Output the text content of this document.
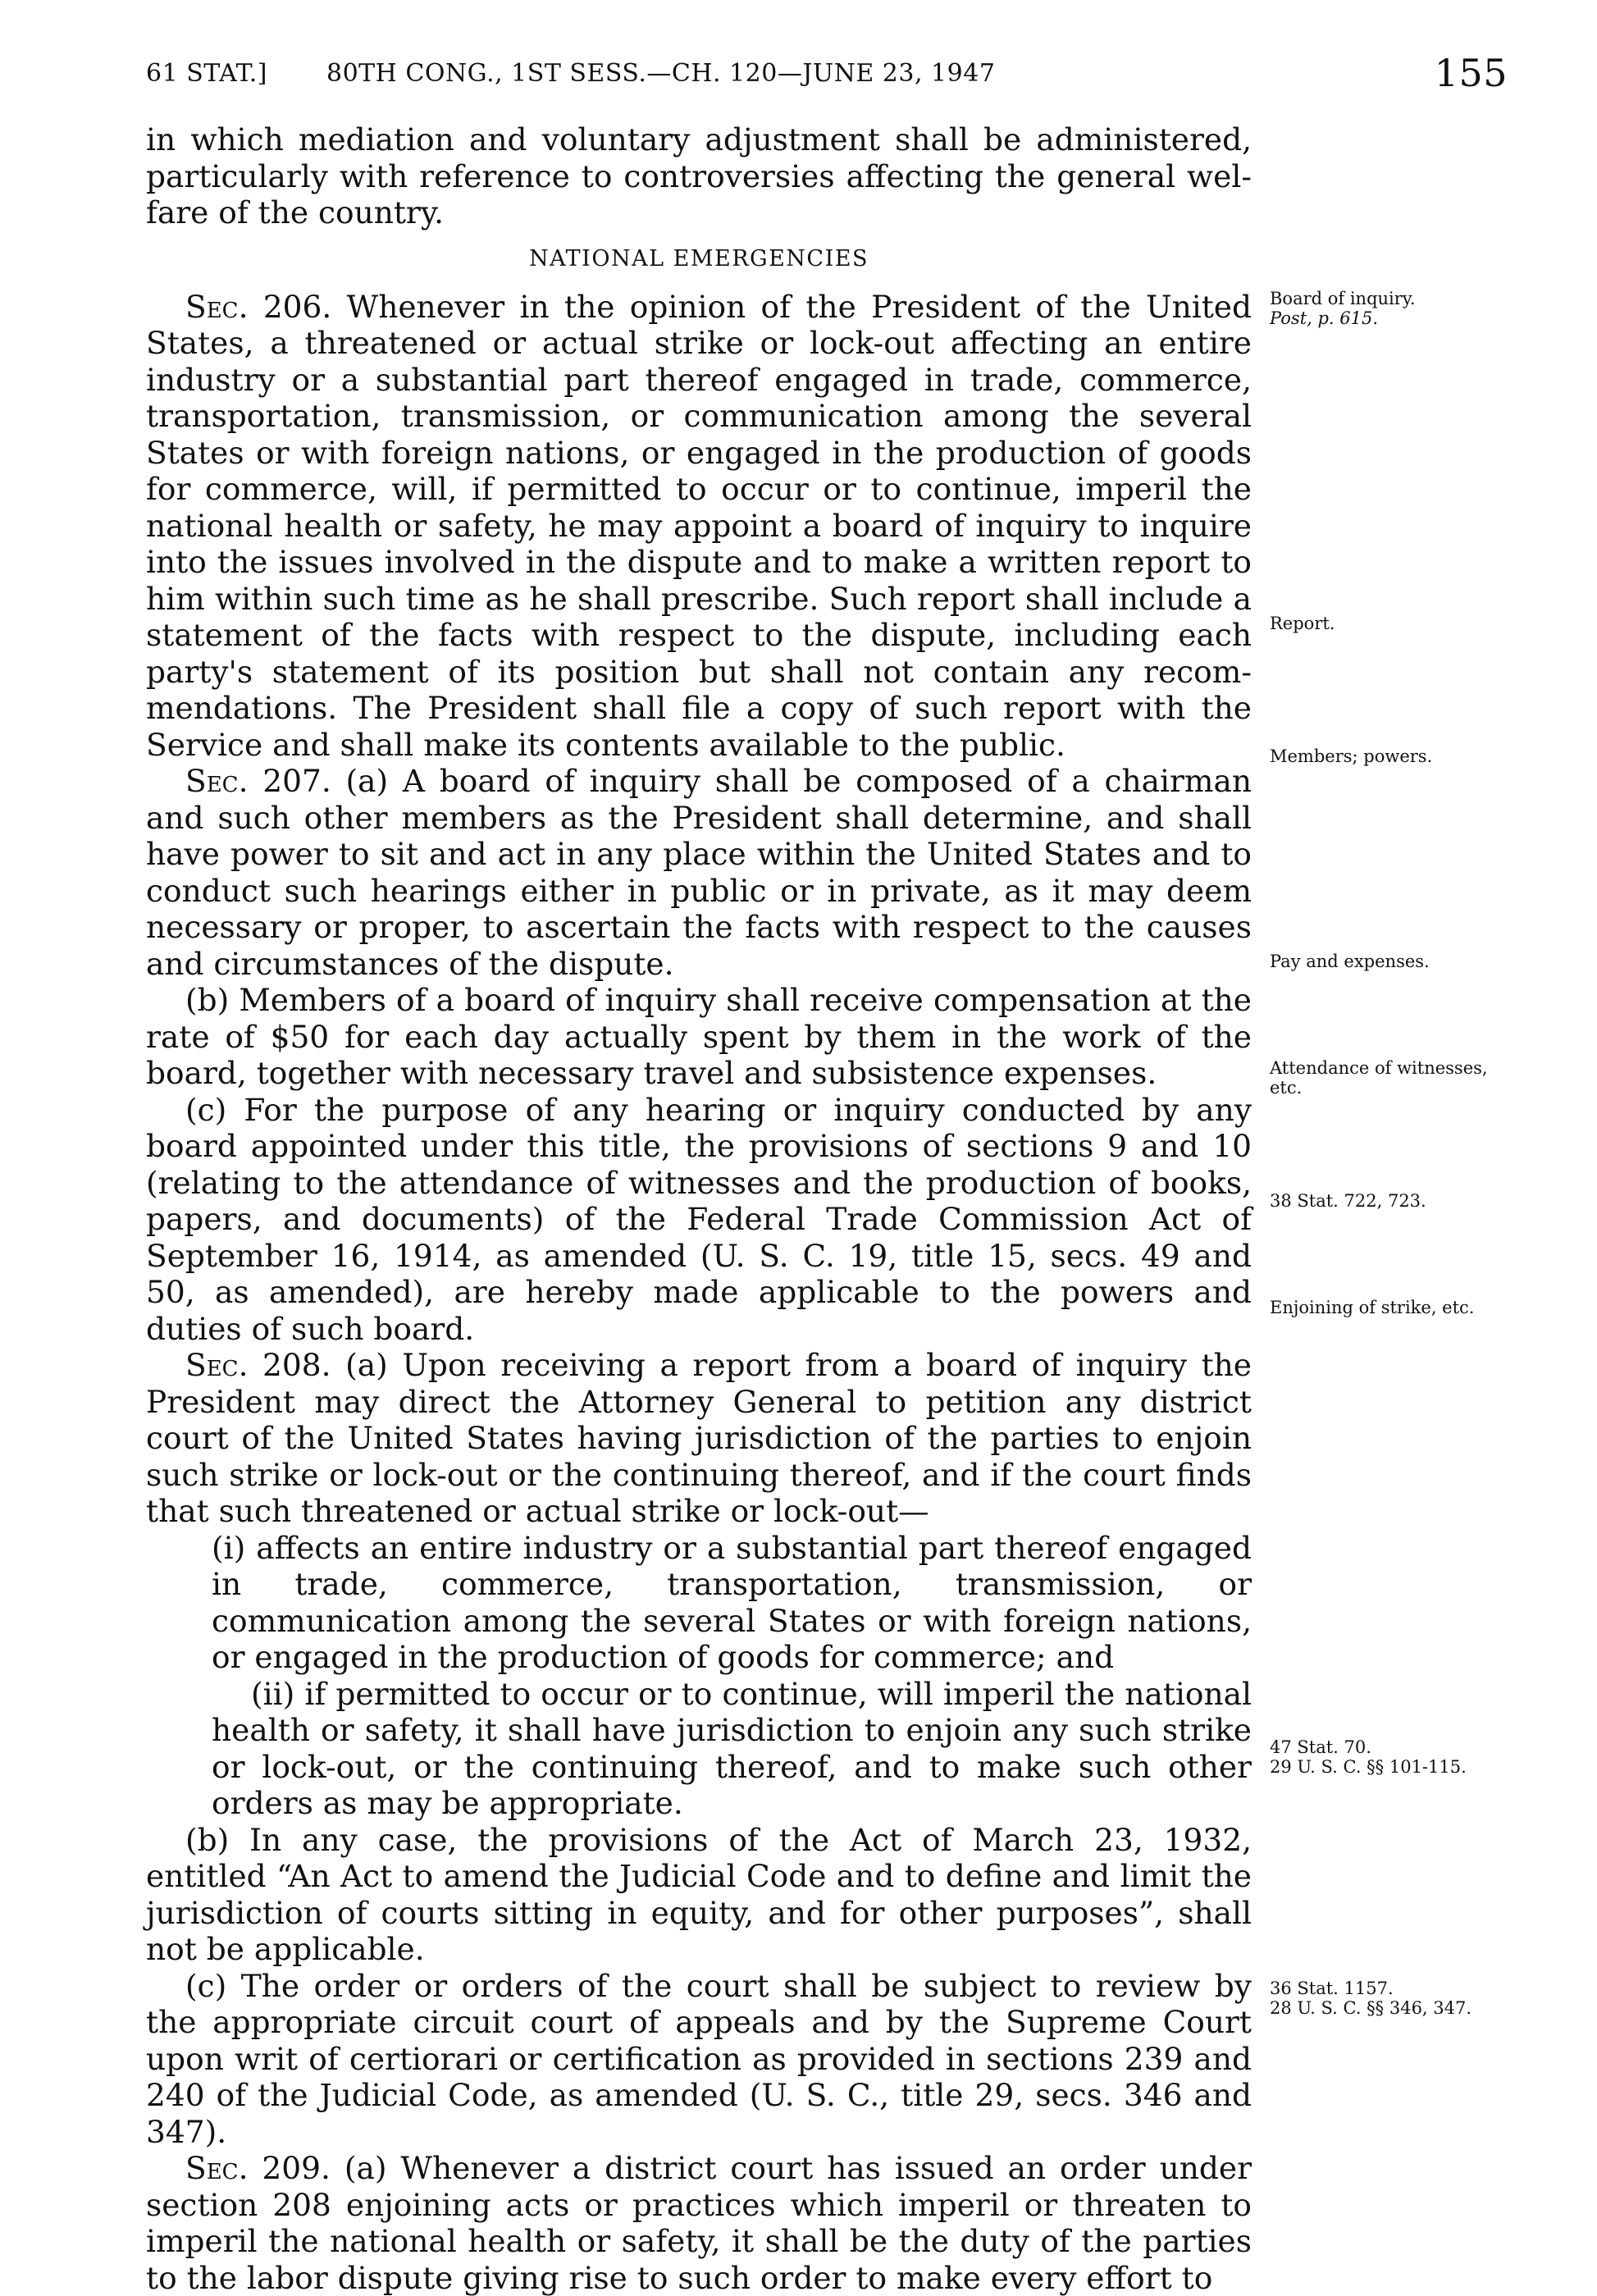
61 STAT.] 80TH CONG., 1ST SESS.—CH. 120—JUNE 23, 1947	155

in which mediation and voluntary adjustment shall be administered, particularly with reference to controversies affecting the general welfare of the country.

NATIONAL EMERGENCIES

Sec. 206. Whenever in the opinion of the President of the United States, a threatened or actual strike or lock-out affecting an entire industry or a substantial part thereof engaged in trade, commerce, transportation, transmission, or communication among the several States or with foreign nations, or engaged in the production of goods for commerce, will, if permitted to occur or to continue, imperil the national health or safety, he may appoint a board of inquiry to inquire into the issues involved in the dispute and to make a written report to him within such time as he shall prescribe. Such report shall include a statement of the facts with respect to the dispute, including each party's statement of its position but shall not contain any recommendations. The President shall file a copy of such report with the Service and shall make its contents available to the public.

Sec. 207. (a) A board of inquiry shall be composed of a chairman and such other members as the President shall determine, and shall have power to sit and act in any place within the United States and to conduct such hearings either in public or in private, as it may deem necessary or proper, to ascertain the facts with respect to the causes and circumstances of the dispute.

(b) Members of a board of inquiry shall receive compensation at the rate of $50 for each day actually spent by them in the work of the board, together with necessary travel and subsistence expenses.

(c) For the purpose of any hearing or inquiry conducted by any board appointed under this title, the provisions of sections 9 and 10 (relating to the attendance of witnesses and the production of books, papers, and documents) of the Federal Trade Commission Act of September 16, 1914, as amended (U. S. C. 19, title 15, secs. 49 and 50, as amended), are hereby made applicable to the powers and duties of such board.

Sec. 208. (a) Upon receiving a report from a board of inquiry the President may direct the Attorney General to petition any district court of the United States having jurisdiction of the parties to enjoin such strike or lock-out or the continuing thereof, and if the court finds that such threatened or actual strike or lock-out—

(i) affects an entire industry or a substantial part thereof engaged in trade, commerce, transportation, transmission, or communication among the several States or with foreign nations, or engaged in the production of goods for commerce; and

(ii) if permitted to occur or to continue, will imperil the national health or safety, it shall have jurisdiction to enjoin any such strike or lock-out, or the continuing thereof, and to make such other orders as may be appropriate.

(b) In any case, the provisions of the Act of March 23, 1932, entitled “An Act to amend the Judicial Code and to define and limit the jurisdiction of courts sitting in equity, and for other purposes”, shall not be applicable.

(c) The order or orders of the court shall be subject to review by the appropriate circuit court of appeals and by the Supreme Court upon writ of certiorari or certification as provided in sections 239 and 240 of the Judicial Code, as amended (U. S. C., title 29, secs. 346 and 347).

Sec. 209. (a) Whenever a district court has issued an order under section 208 enjoining acts or practices which imperil or threaten to imperil the national health or safety, it shall be the duty of the parties to the labor dispute giving rise to such order to make every effort to

Board of inquiry.
Post, p. 615.
Report.
Members; powers.
Pay and expenses.
Attendance of witnesses, etc.
38 Stat. 722, 723.
Enjoining of strike, etc.
47 Stat. 70.
29 U. S. C. §§ 101-115.
36 Stat. 1157.
28 U. S. C. §§ 346, 347.
